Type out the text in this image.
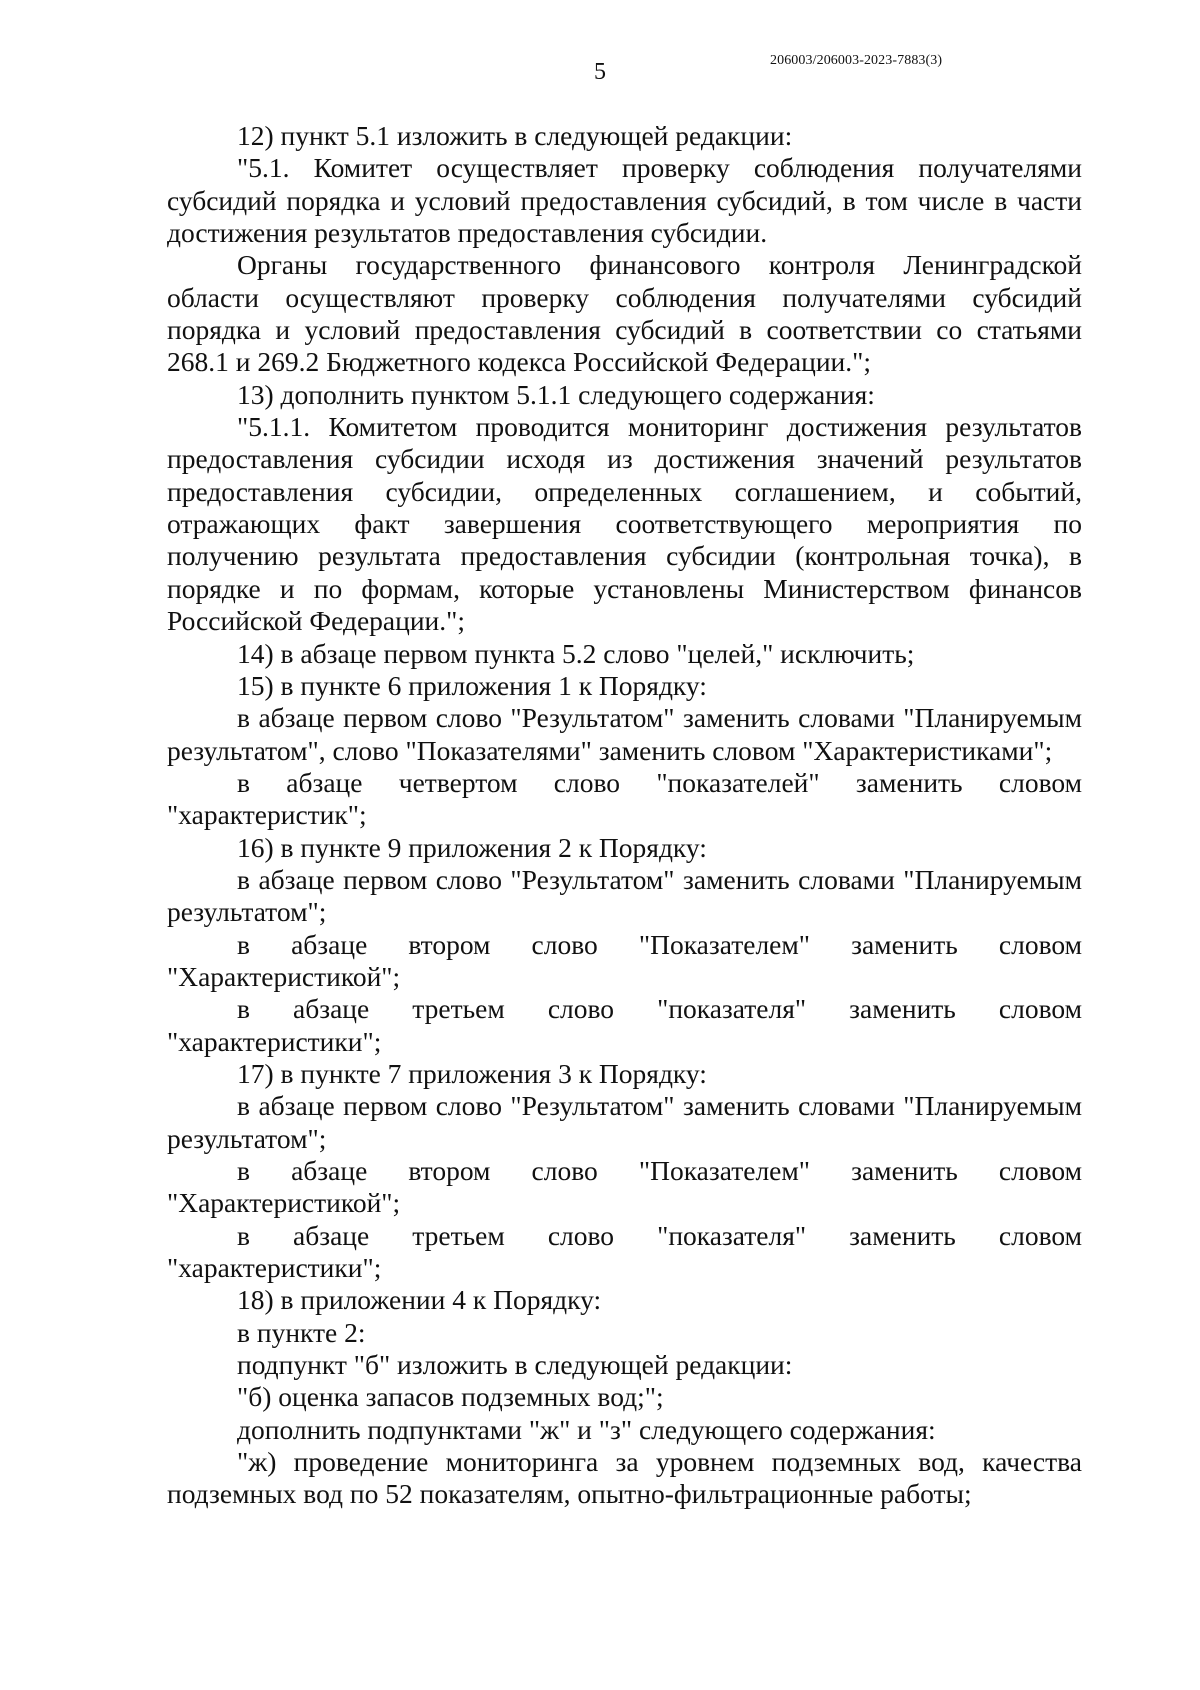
5	206003/206003-2023-7883(3)

12) пункт 5.1 изложить в следующей редакции:

"5.1. Комитет осуществляет проверку соблюдения получателями субсидий порядка и условий предоставления субсидий, в том числе в части достижения результатов предоставления субсидии.

Органы государственного финансового контроля Ленинградской области осуществляют проверку соблюдения получателями субсидий порядка и условий предоставления субсидий в соответствии со статьями 268.1 и 269.2 Бюджетного кодекса Российской Федерации.";

13) дополнить пунктом 5.1.1 следующего содержания:

"5.1.1. Комитетом проводится мониторинг достижения результатов предоставления субсидии исходя из достижения значений результатов предоставления субсидии, определенных соглашением, и событий, отражающих факт завершения соответствующего мероприятия по получению результата предоставления субсидии (контрольная точка), в порядке и по формам, которые установлены Министерством финансов Российской Федерации.";

14) в абзаце первом пункта 5.2 слово "целей," исключить;

15) в пункте 6 приложения 1 к Порядку:

в абзаце первом слово "Результатом" заменить словами "Планируемым результатом", слово "Показателями" заменить словом "Характеристиками";

в абзаце четвертом слово "показателей" заменить словом "характеристик";

16) в пункте 9 приложения 2 к Порядку:

в абзаце первом слово "Результатом" заменить словами "Планируемым результатом";

в абзаце втором слово "Показателем" заменить словом "Характеристикой";

в абзаце третьем слово "показателя" заменить словом "характеристики";

17) в пункте 7 приложения 3 к Порядку:

в абзаце первом слово "Результатом" заменить словами "Планируемым результатом";

в абзаце втором слово "Показателем" заменить словом "Характеристикой";

в абзаце третьем слово "показателя" заменить словом "характеристики";

18) в приложении 4 к Порядку:

в пункте 2:

подпункт "б" изложить в следующей редакции:

"б) оценка запасов подземных вод;";

дополнить подпунктами "ж" и "з" следующего содержания:

"ж) проведение мониторинга за уровнем подземных вод, качества подземных вод по 52 показателям, опытно-фильтрационные работы;
